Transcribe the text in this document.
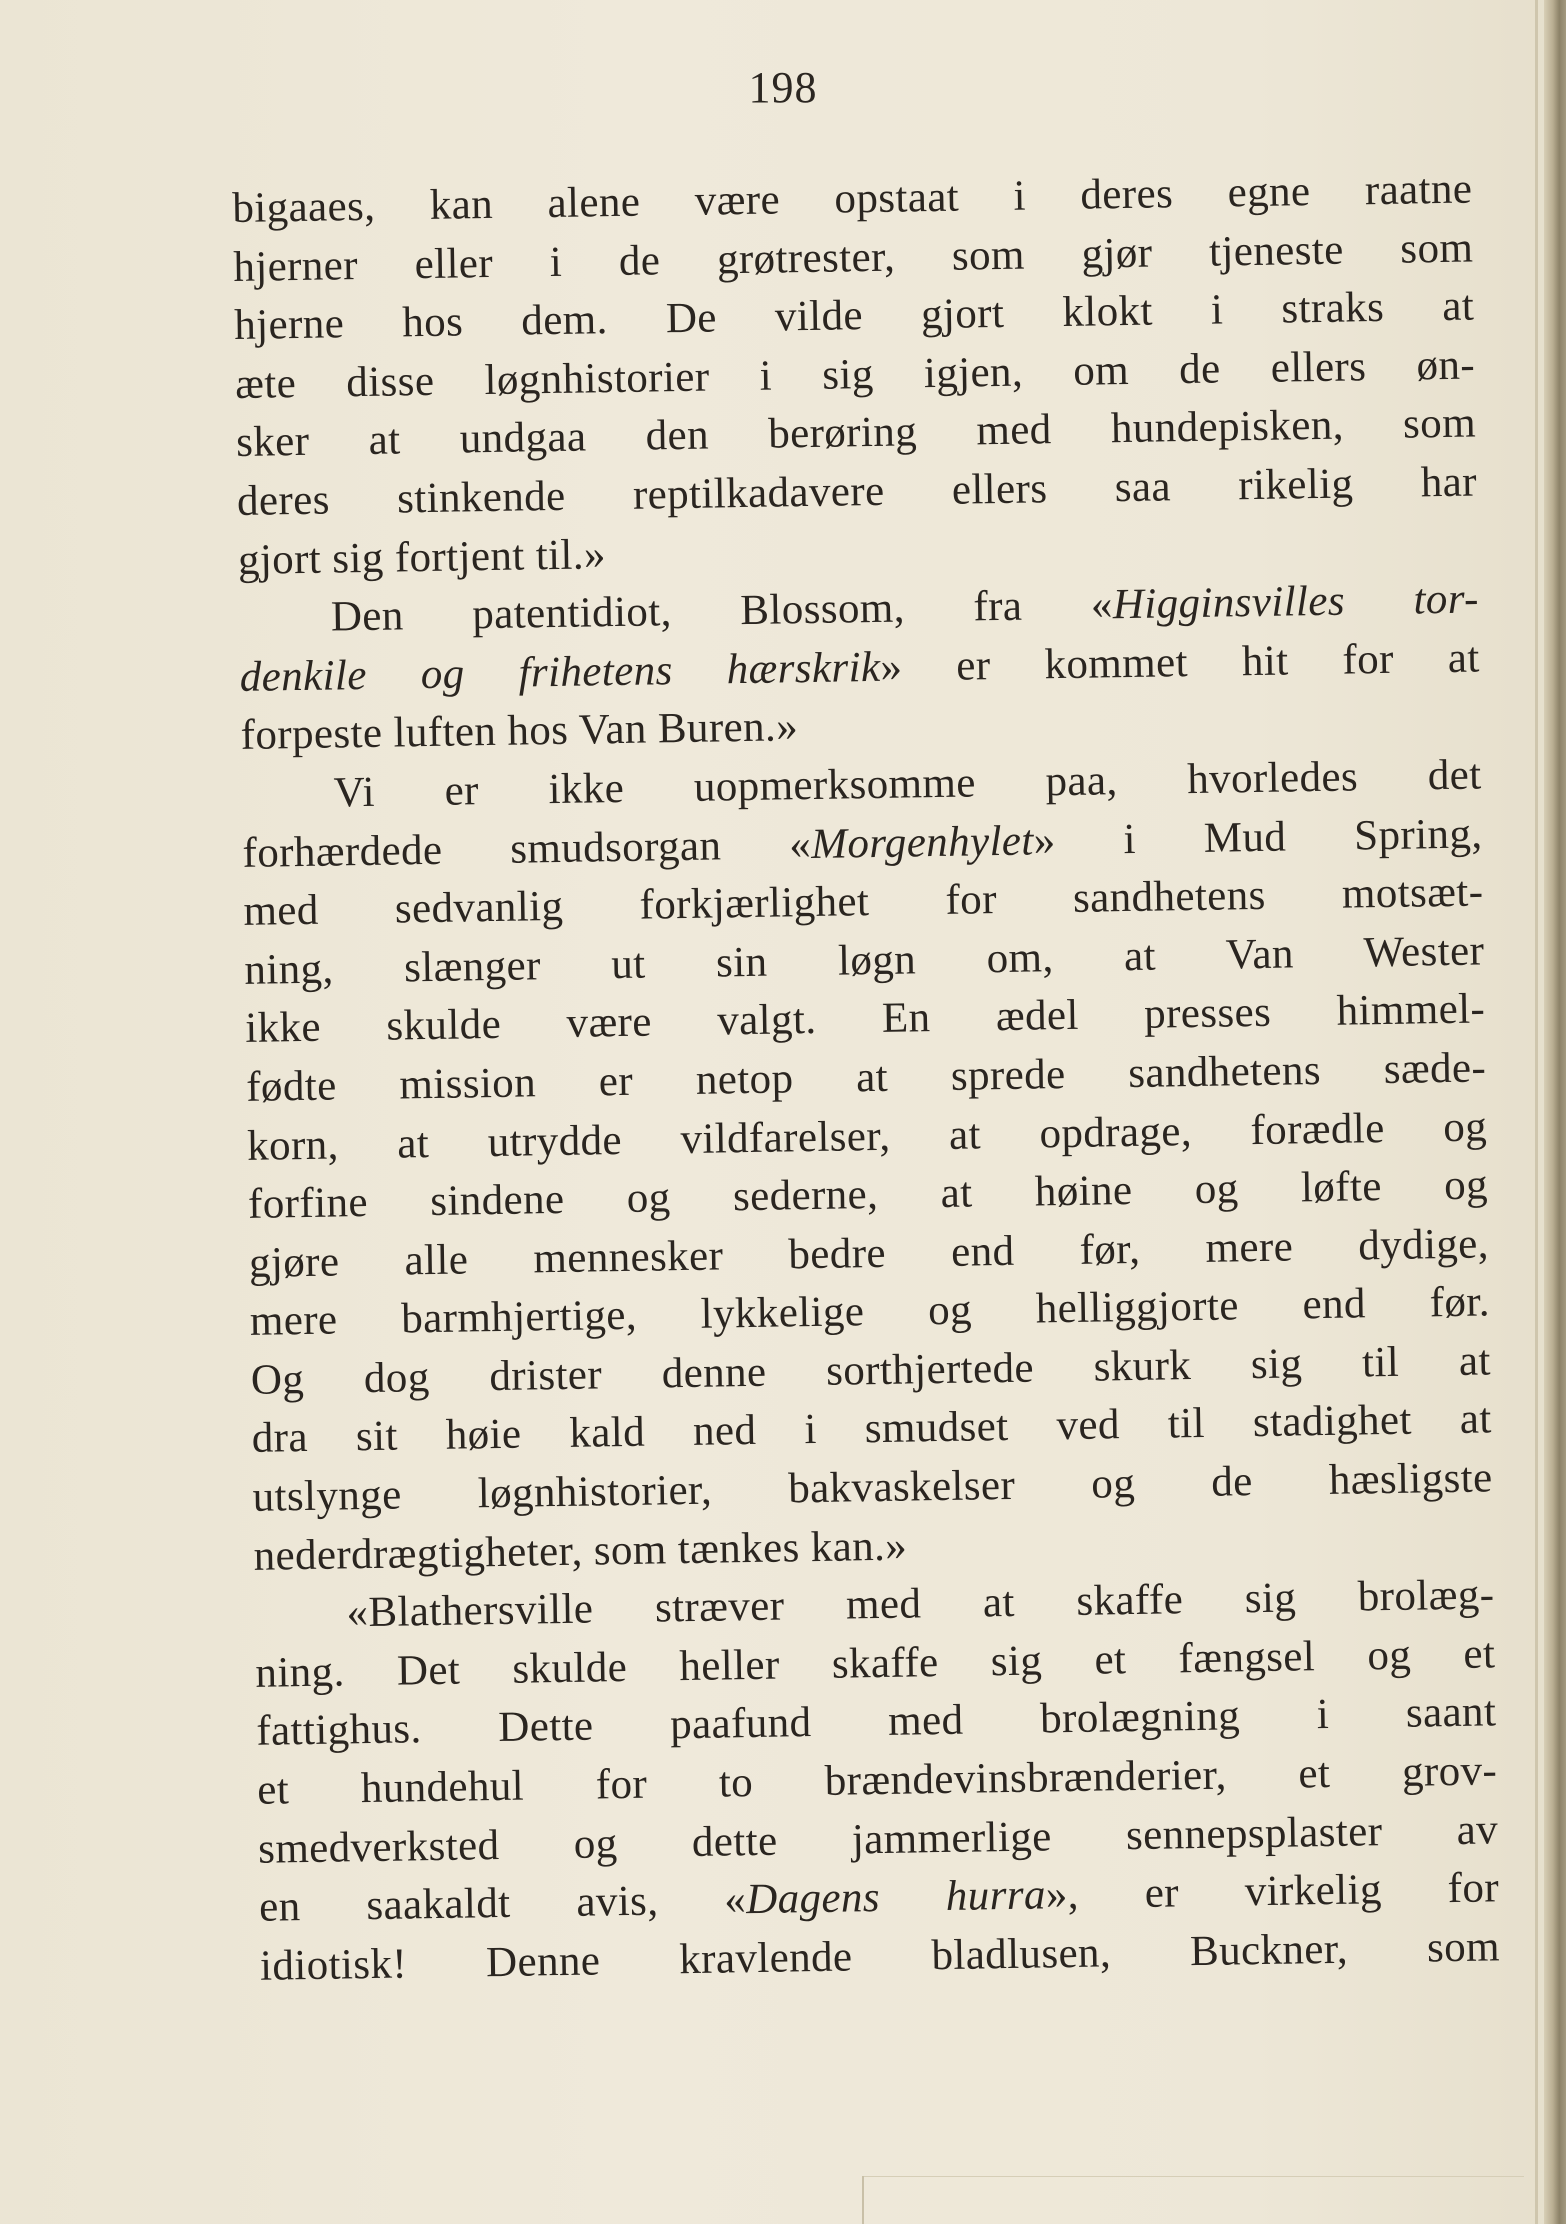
198
bigaaes, kan alene være opstaat i deres egne raatne
hjerner eller i de grøtrester, som gjør tjeneste som
hjerne hos dem. De vilde gjort klokt i straks at
æte disse løgnhistorier i sig igjen, om de ellers øn-
sker at undgaa den berøring med hundepisken, som
deres stinkende reptilkadavere ellers saa rikelig har
gjort sig fortjent til.»
Den patentidiot, Blossom, fra «Higginsvilles tor-
denkile og frihetens hærskrik» er kommet hit for at
forpeste luften hos Van Buren.»
Vi er ikke uopmerksomme paa, hvorledes det
forhærdede smudsorgan «Morgenhylet» i Mud Spring,
med sedvanlig forkjærlighet for sandhetens motsæt-
ning, slænger ut sin løgn om, at Van Wester
ikke skulde være valgt. En ædel presses himmel-
fødte mission er netop at sprede sandhetens sæde-
korn, at utrydde vildfarelser, at opdrage, forædle og
forfine sindene og sederne, at høine og løfte og
gjøre alle mennesker bedre end før, mere dydige,
mere barmhjertige, lykkelige og helliggjorte end før.
Og dog drister denne sorthjertede skurk sig til at
dra sit høie kald ned i smudset ved til stadighet at
utslynge løgnhistorier, bakvaskelser og de hæsligste
nederdrægtigheter, som tænkes kan.»
«Blathersville stræver med at skaffe sig brolæg-
ning. Det skulde heller skaffe sig et fængsel og et
fattighus. Dette paafund med brolægning i saant
et hundehul for to brændevinsbrænderier, et grov-
smedverksted og dette jammerlige sennepsplaster av
en saakaldt avis, «Dagens hurra», er virkelig for
idiotisk! Denne kravlende bladlusen, Buckner, som
